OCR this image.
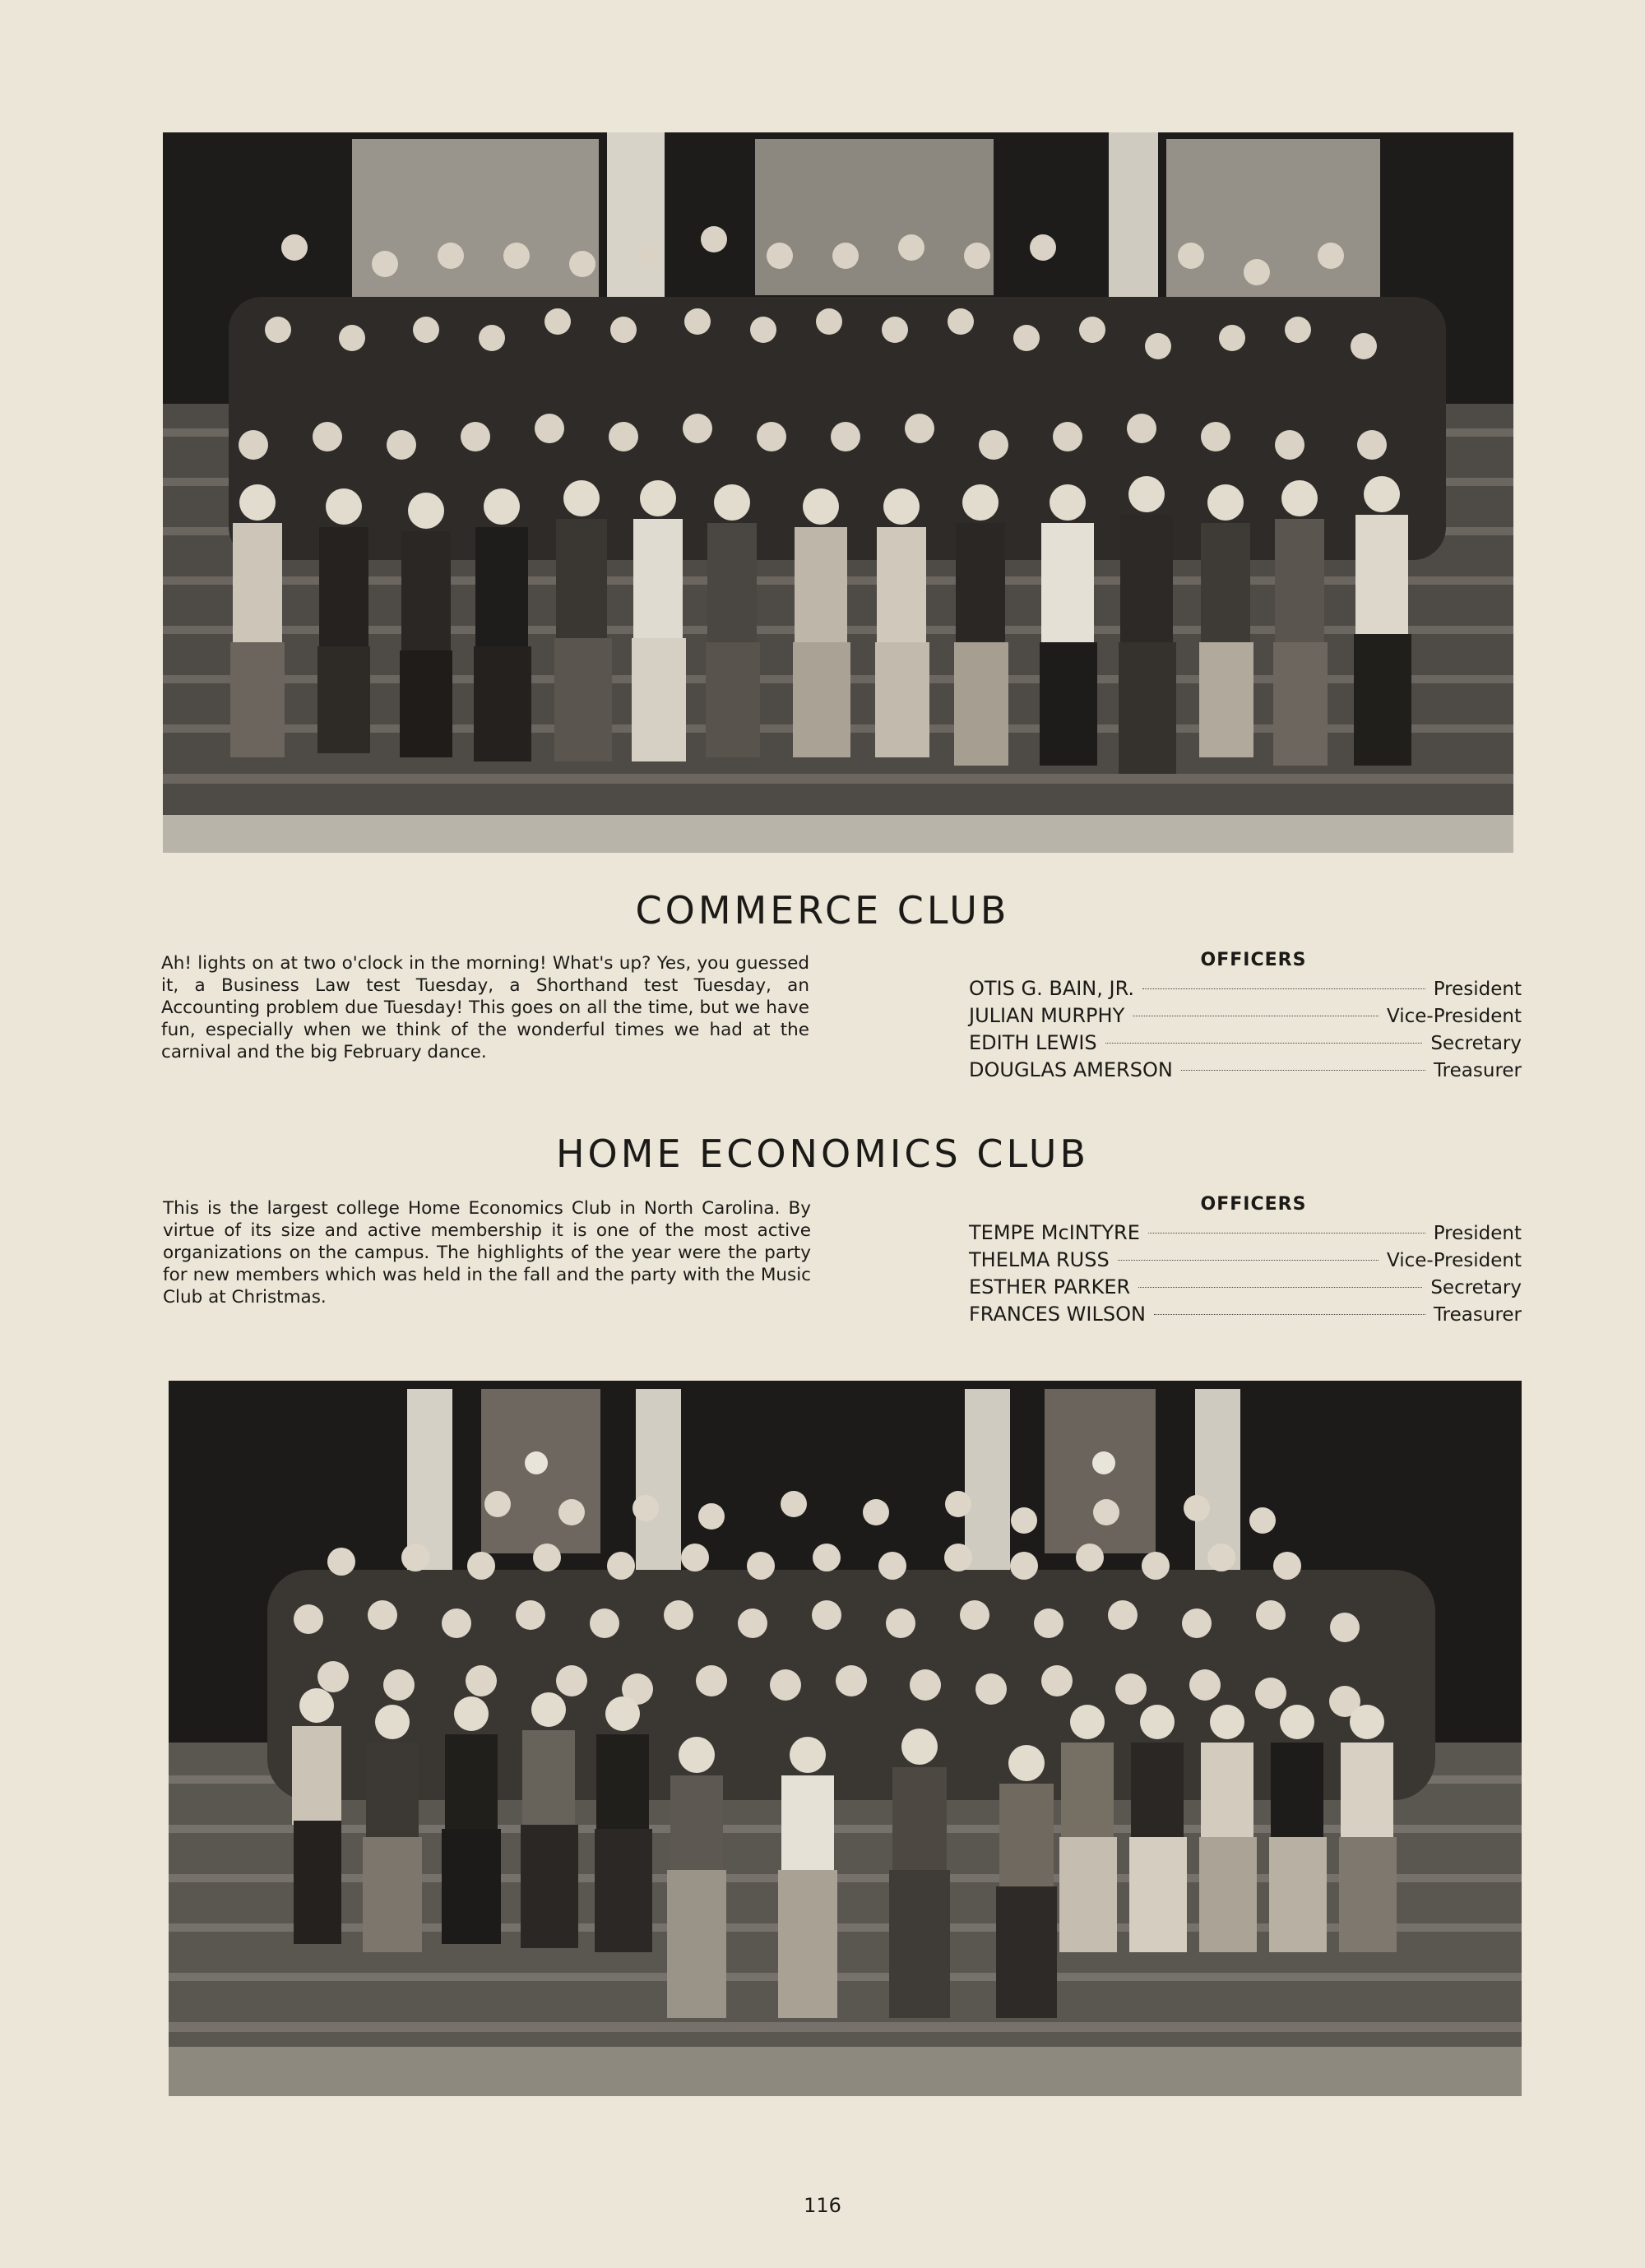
COMMERCE CLUB
Ah! lights on at two o'clock in the morning! What's up? Yes, you guessed it, a Business Law test Tuesday, a Shorthand test Tuesday, an Accounting problem due Tuesday! This goes on all the time, but we have fun, especially when we think of the wonderful times we had at the carnival and the big February dance.
OFFICERS
OTIS G. BAIN, JR.	President
JULIAN MURPHY	Vice-President
EDITH LEWIS	Secretary
DOUGLAS AMERSON	Treasurer
HOME ECONOMICS CLUB
This is the largest college Home Economics Club in North Carolina. By virtue of its size and active membership it is one of the most active organizations on the campus. The highlights of the year were the party for new members which was held in the fall and the party with the Music Club at Christmas.
OFFICERS
TEMPE McINTYRE	President
THELMA RUSS	Vice-President
ESTHER PARKER	Secretary
FRANCES WILSON	Treasurer
116
